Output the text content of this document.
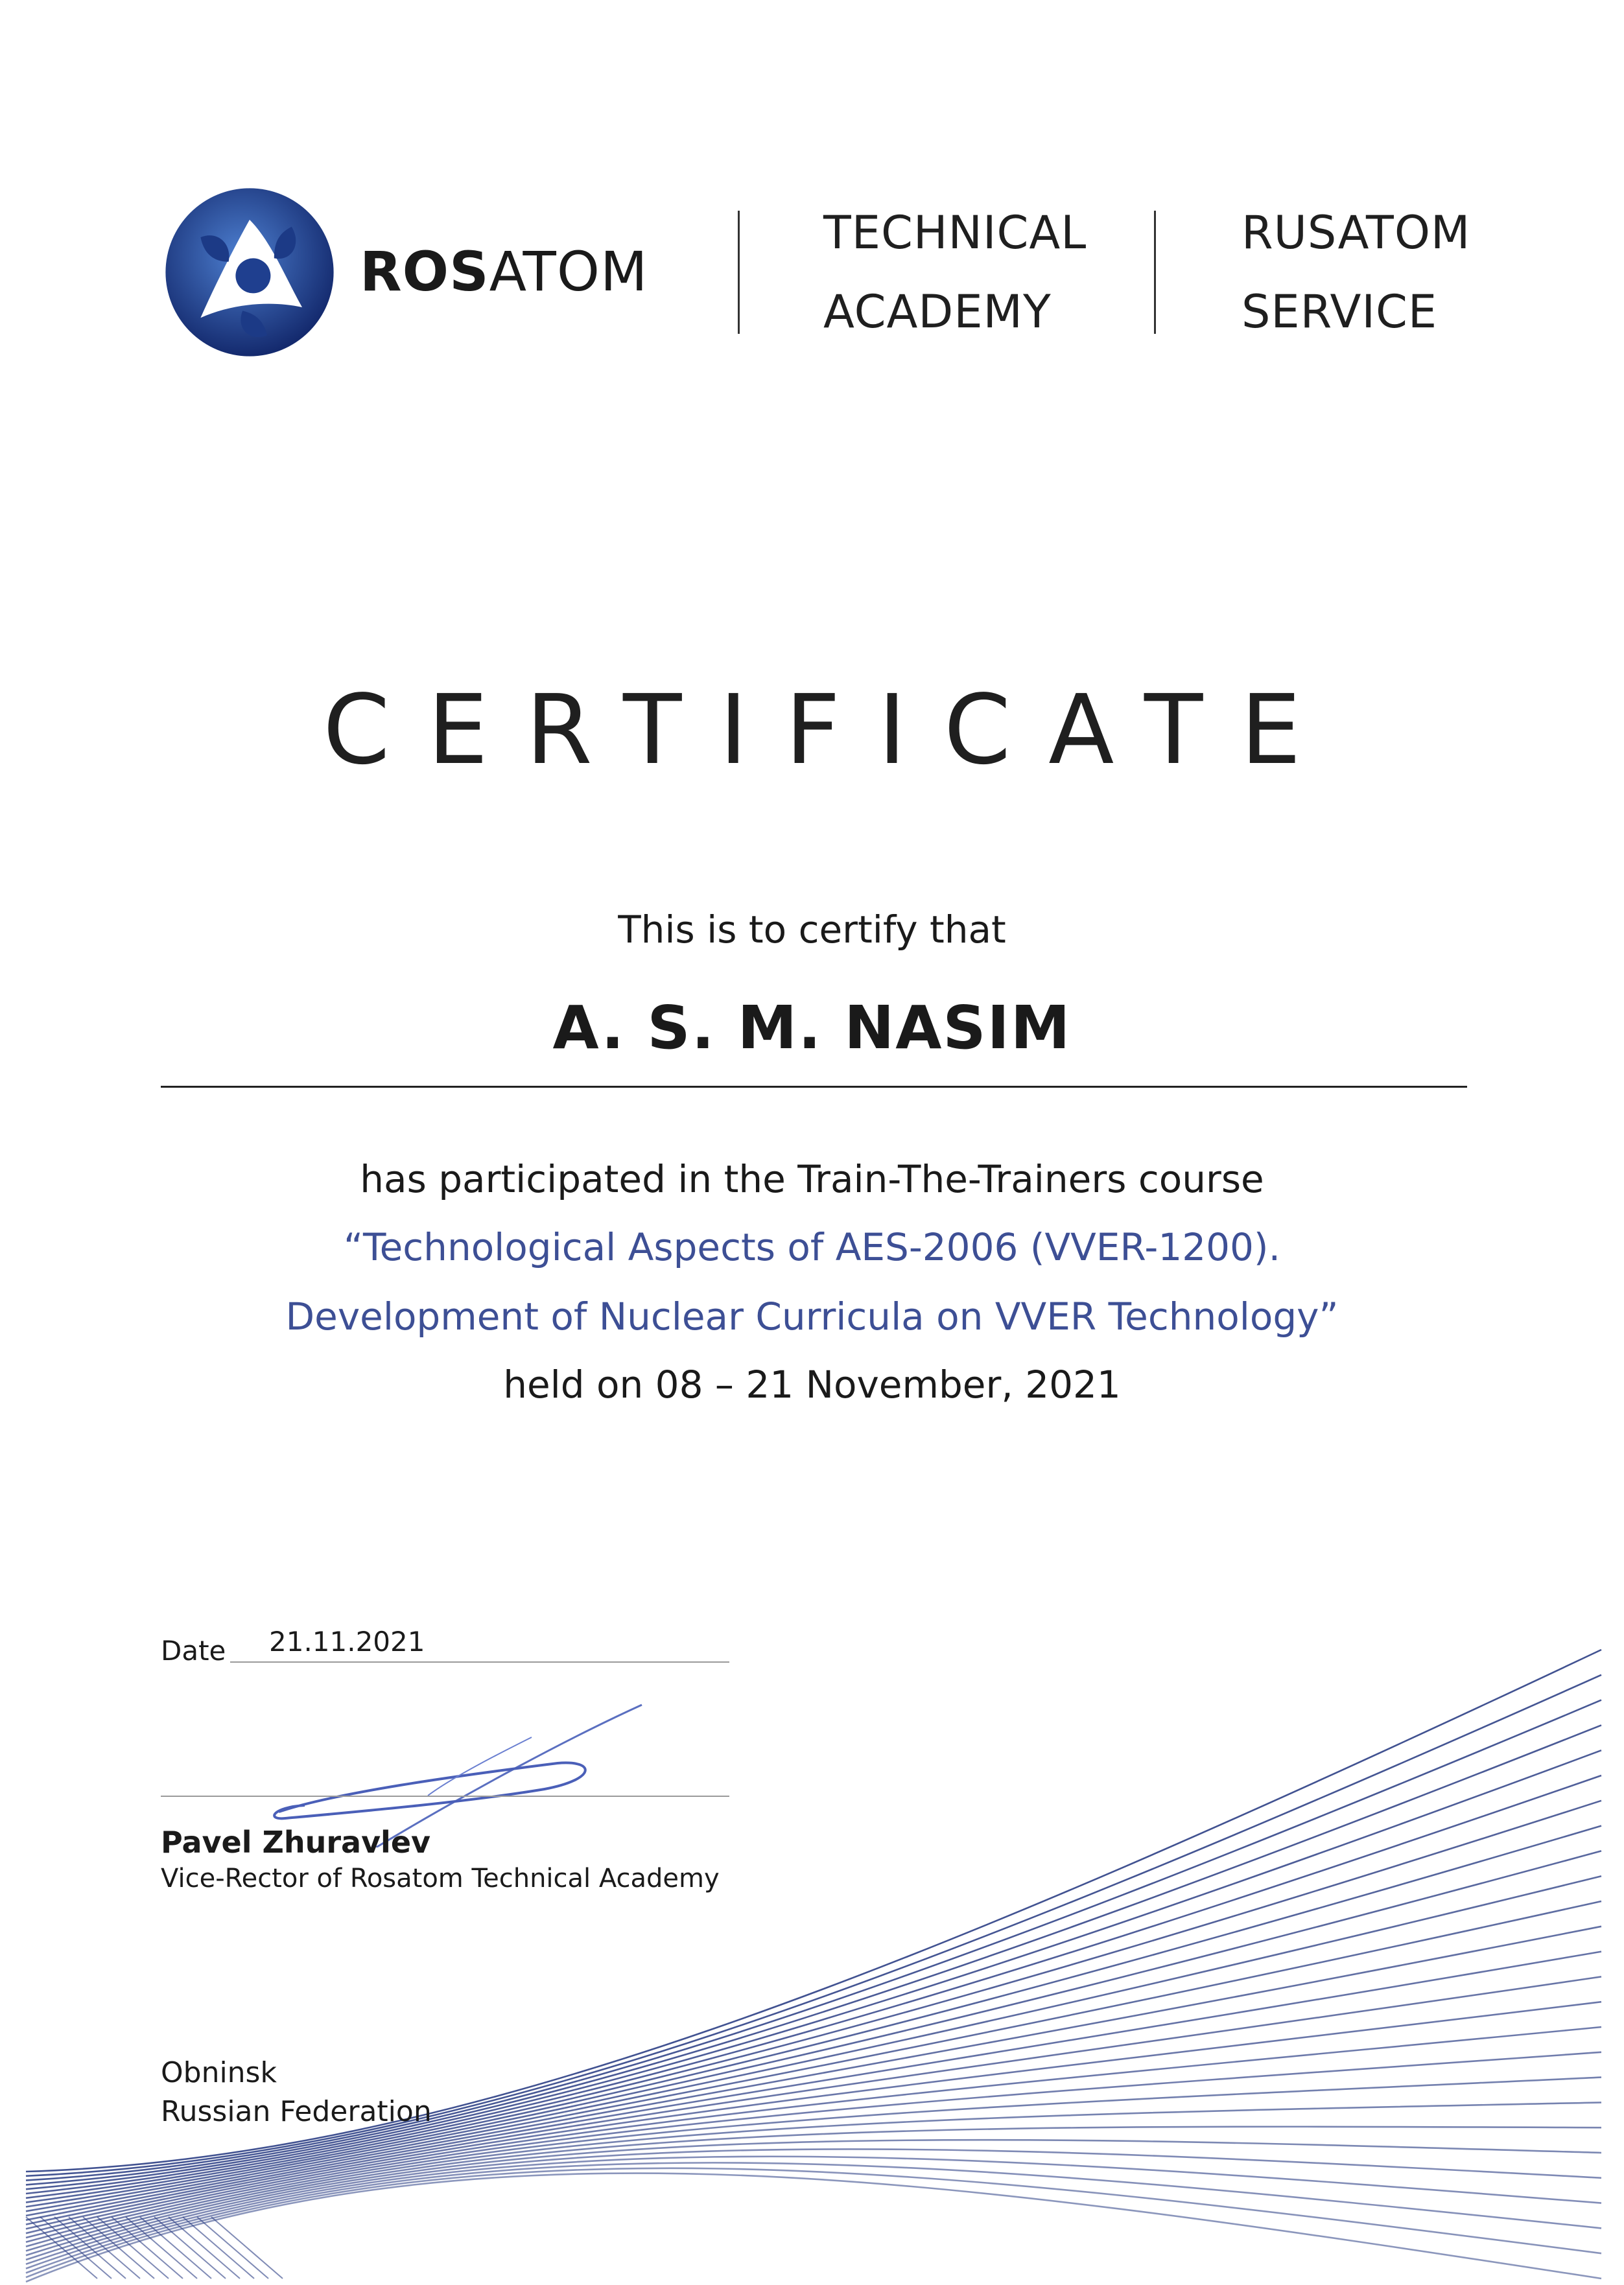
ROSATOM
TECHNICAL
ACADEMY
RUSATOM
SERVICE
CERTIFICATE
This is to certify that
A. S. M. NASIM
has participated in the Train-The-Trainers course
“Technological Aspects of AES-2006 (VVER-1200).
Development of Nuclear Curricula on VVER Technology”
held on 08 – 21 November, 2021
Date 21.11.2021
Pavel Zhuravlev
Vice-Rector of Rosatom Technical Academy
Obninsk
Russian Federation
